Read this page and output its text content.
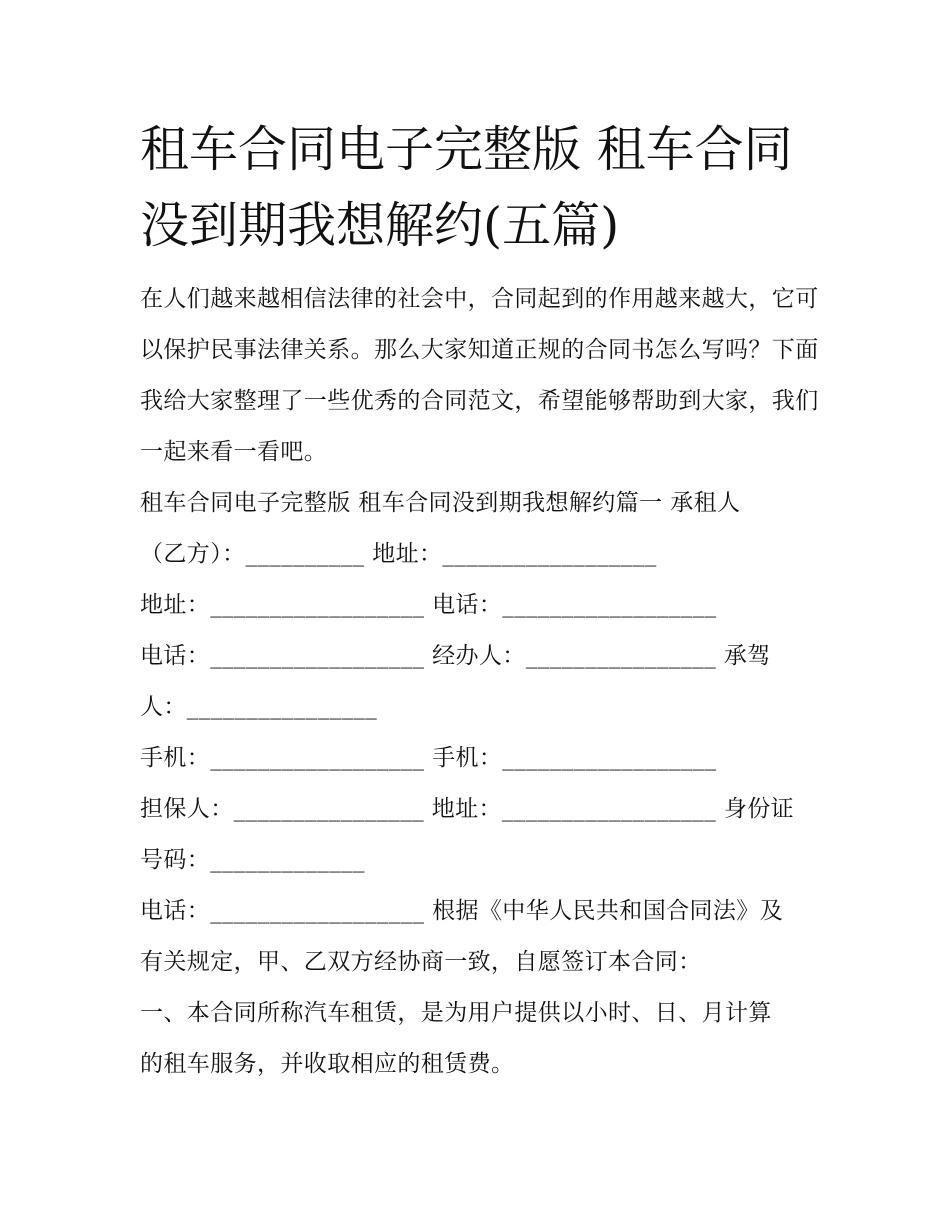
租车合同电子完整版 租车合同没到期我想解约(五篇)

在人们越来越相信法律的社会中，合同起到的作用越来越大，它可以保护民事法律关系。那么大家知道正规的合同书怎么写吗？下面我给大家整理了一些优秀的合同范文，希望能够帮助到大家，我们一起来看一看吧。

租车合同电子完整版 租车合同没到期我想解约篇一 承租人
（乙方）：__________ 地址：__________________
地址：__________________ 电话：__________________
电话：__________________ 经办人：________________ 承驾
人：________________
手机：__________________ 手机：__________________
担保人：________________ 地址：__________________ 身份证
号码：_____________
电话：__________________ 根据《中华人民共和国合同法》及
有关规定，甲、乙双方经协商一致，自愿签订本合同：
一、本合同所称汽车租赁，是为用户提供以小时、日、月计算
的租车服务，并收取相应的租赁费。
